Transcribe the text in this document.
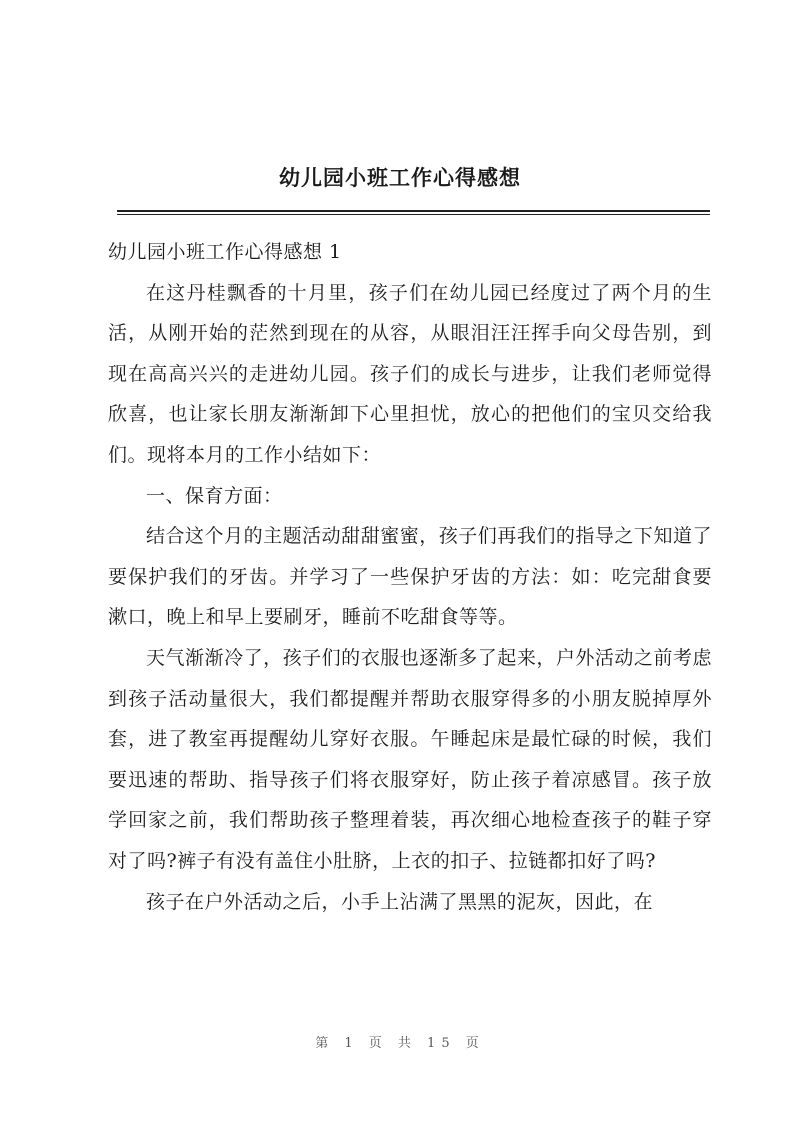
幼儿园小班工作心得感想

幼儿园小班工作心得感想 1

在这丹桂飘香的十月里，孩子们在幼儿园已经度过了两个月的生活，从刚开始的茫然到现在的从容，从眼泪汪汪挥手向父母告别，到现在高高兴兴的走进幼儿园。孩子们的成长与进步，让我们老师觉得欣喜，也让家长朋友渐渐卸下心里担忧，放心的把他们的宝贝交给我们。现将本月的工作小结如下：

一、保育方面：

结合这个月的主题活动甜甜蜜蜜，孩子们再我们的指导之下知道了要保护我们的牙齿。并学习了一些保护牙齿的方法：如：吃完甜食要漱口，晚上和早上要刷牙，睡前不吃甜食等等。

天气渐渐冷了，孩子们的衣服也逐渐多了起来，户外活动之前考虑到孩子活动量很大，我们都提醒并帮助衣服穿得多的小朋友脱掉厚外套，进了教室再提醒幼儿穿好衣服。午睡起床是最忙碌的时候，我们要迅速的帮助、指导孩子们将衣服穿好，防止孩子着凉感冒。孩子放学回家之前，我们帮助孩子整理着装，再次细心地检查孩子的鞋子穿对了吗?裤子有没有盖住小肚脐，上衣的扣子、拉链都扣好了吗?

孩子在户外活动之后，小手上沾满了黑黑的泥灰，因此，在

第 1 页 共 15 页
